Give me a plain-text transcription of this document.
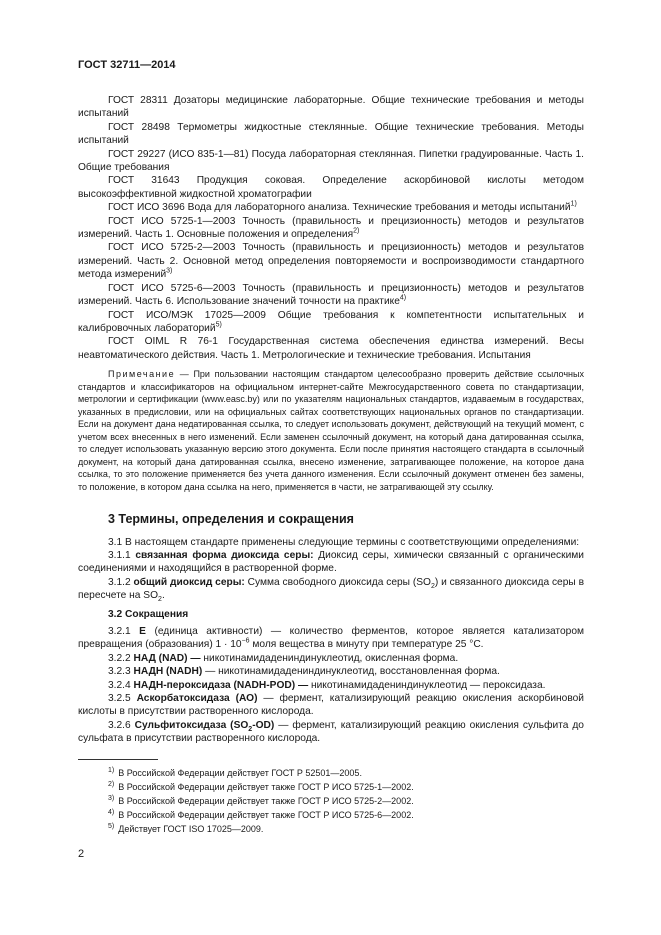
ГОСТ 32711—2014

ГОСТ 28311 Дозаторы медицинские лабораторные. Общие технические требования и методы испытаний

ГОСТ 28498 Термометры жидкостные стеклянные. Общие технические требования. Методы испытаний

ГОСТ 29227 (ИСО 835-1—81) Посуда лабораторная стеклянная. Пипетки градуированные. Часть 1. Общие требования

ГОСТ 31643 Продукция соковая. Определение аскорбиновой кислоты методом высокоэффективной жидкостной хроматографии

ГОСТ ИСО 3696 Вода для лабораторного анализа. Технические требования и методы испытаний$^{1)}$

ГОСТ ИСО 5725-1—2003 Точность (правильность и прецизионность) методов и результатов измерений. Часть 1. Основные положения и определения$^{2)}$

ГОСТ ИСО 5725-2—2003 Точность (правильность и прецизионность) методов и результатов измерений. Часть 2. Основной метод определения повторяемости и воспроизводимости стандартного метода измерений$^{3)}$

ГОСТ ИСО 5725-6—2003 Точность (правильность и прецизионность) методов и результатов измерений. Часть 6. Использование значений точности на практике$^{4)}$

ГОСТ ИСО/МЭК 17025—2009 Общие требования к компетентности испытательных и калибровочных лабораторий$^{5)}$

ГОСТ OIML R 76-1 Государственная система обеспечения единства измерений. Весы неавтоматического действия. Часть 1. Метрологические и технические требования. Испытания

Примечание — При пользовании настоящим стандартом целесообразно проверить действие ссылочных стандартов и классификаторов на официальном интернет-сайте Межгосударственного совета по стандартизации, метрологии и сертификации (www.easc.by) или по указателям национальных стандартов, издаваемым в государствах, указанных в предисловии, или на официальных сайтах соответствующих национальных органов по стандартизации. Если на документ дана недатированная ссылка, то следует использовать документ, действующий на текущий момент, с учетом всех внесенных в него изменений. Если заменен ссылочный документ, на который дана датированная ссылка, то следует использовать указанную версию этого документа. Если после принятия настоящего стандарта в ссылочный документ, на который дана датированная ссылка, внесено изменение, затрагивающее положение, на которое дана ссылка, то это положение применяется без учета данного изменения. Если ссылочный документ отменен без замены, то положение, в котором дана ссылка на него, применяется в части, не затрагивающей эту ссылку.

3 Термины, определения и сокращения

3.1 В настоящем стандарте применены следующие термины с соответствующими определениями:

3.1.1 связанная форма диоксида серы: Диоксид серы, химически связанный с органическими соединениями и находящийся в растворенной форме.

3.1.2 общий диоксид серы: Сумма свободного диоксида серы $(SO_2)$ и связанного диоксида серы в пересчете на $SO_2$.

3.2 Сокращения

3.2.1 E (единица активности) — количество ферментов, которое является катализатором превращения (образования) $1 \cdot 10^{-6}$ моля вещества в минуту при температуре 25 °C.

3.2.2 НАД (NAD) — никотинамидадениндинуклеотид, окисленная форма.

3.2.3 НАДН (NADH) — никотинамидадениндинуклеотид, восстановленная форма.

3.2.4 НАДН-пероксидаза (NADH-POD) — никотинамидадениндинуклеотид — пероксидаза.

3.2.5 Аскорбатоксидаза (АО) — фермент, катализирующий реакцию окисления аскорбиновой кислоты в присутствии растворенного кислорода.

3.2.6 Сульфитоксидаза $(SO_2-OD)$ — фермент, катализирующий реакцию окисления сульфита до сульфата в присутствии растворенного кислорода.

$^{1)}$ В Российской Федерации действует ГОСТ Р 52501—2005.
$^{2)}$ В Российской Федерации действует также ГОСТ Р ИСО 5725-1—2002.
$^{3)}$ В Российской Федерации действует также ГОСТ Р ИСО 5725-2—2002.
$^{4)}$ В Российской Федерации действует также ГОСТ Р ИСО 5725-6—2002.
$^{5)}$ Действует ГОСТ ISO 17025—2009.
2
